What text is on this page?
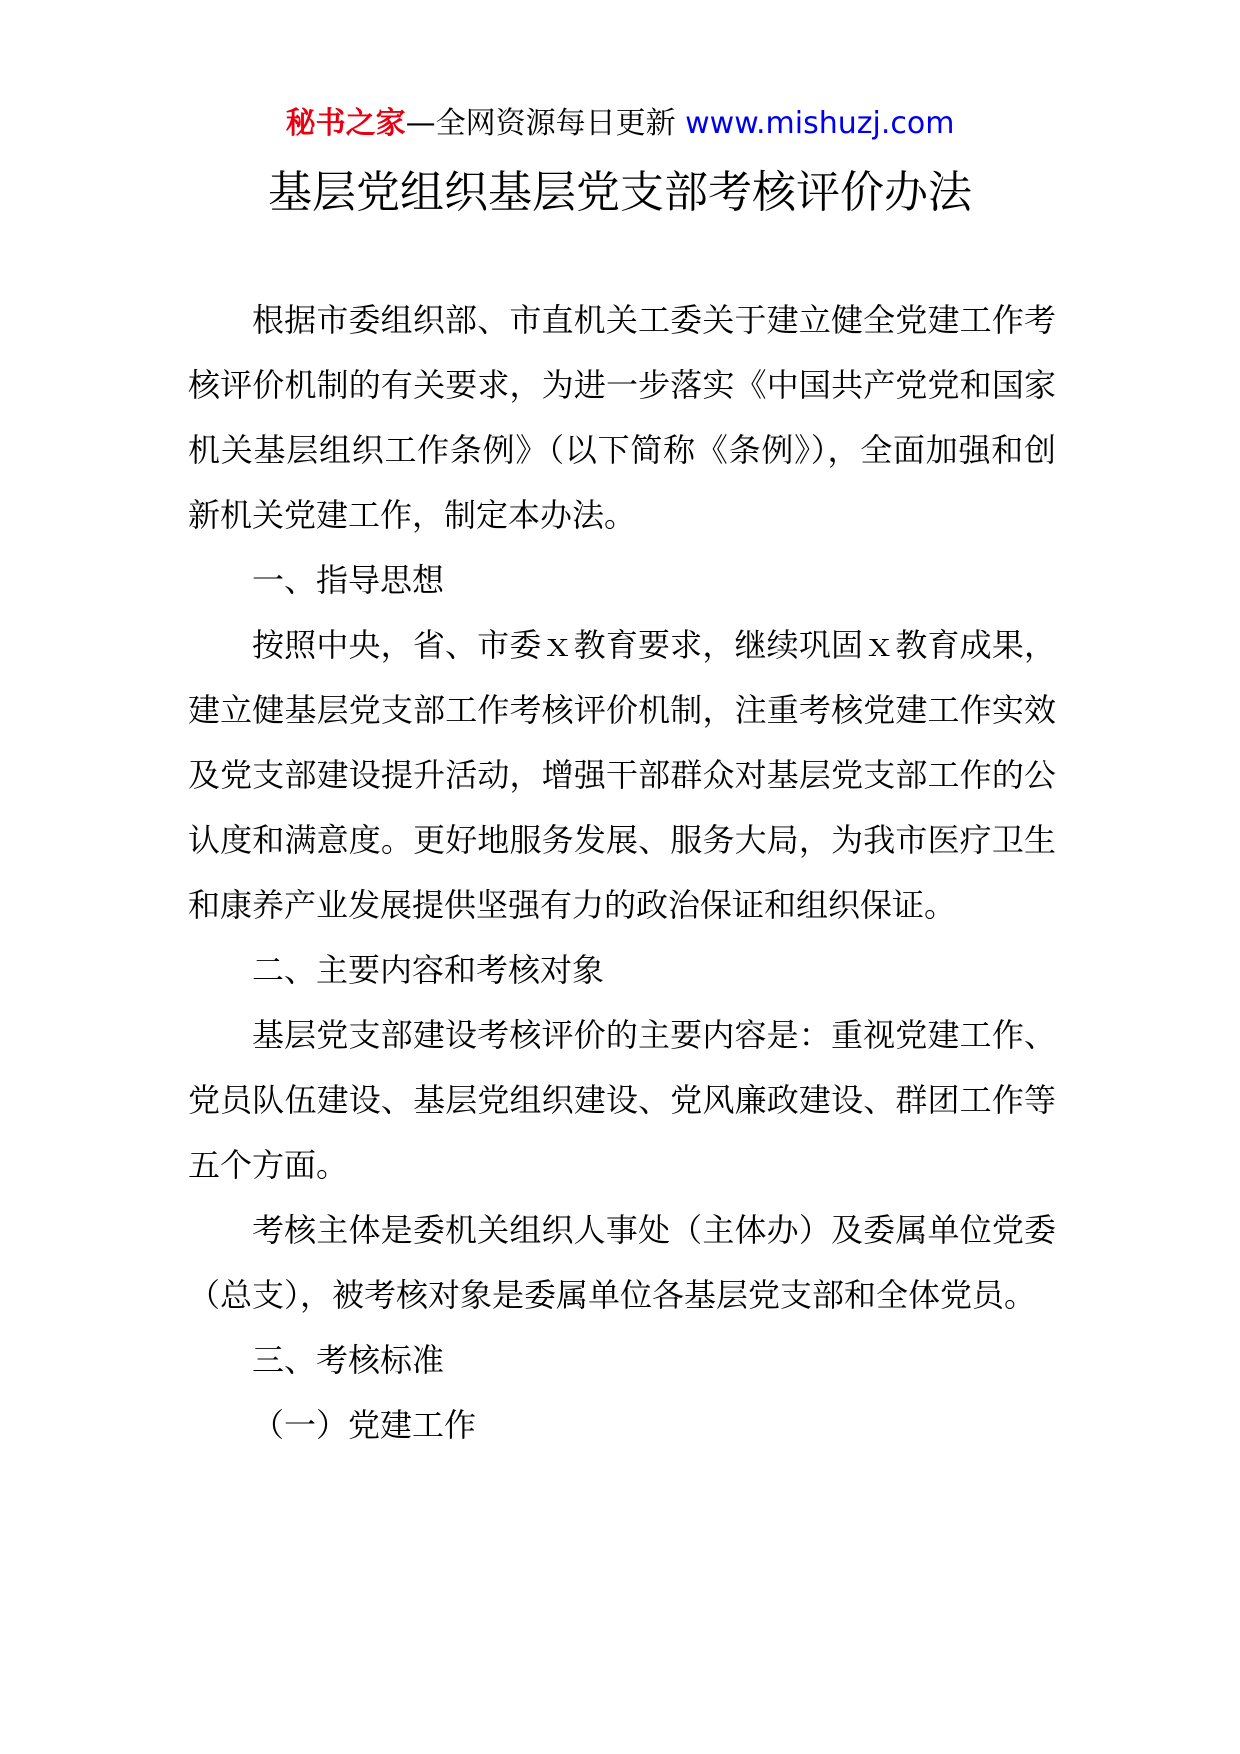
秘书之家—全网资源每日更新 www.mishuzj.com
基层党组织基层党支部考核评价办法

根据市委组织部、市直机关工委关于建立健全党建工作考核评价机制的有关要求，为进一步落实《中国共产党党和国家机关基层组织工作条例》（以下简称《条例》），全面加强和创新机关党建工作，制定本办法。

一、指导思想

按照中央，省、市委ｘ教育要求，继续巩固ｘ教育成果，建立健基层党支部工作考核评价机制，注重考核党建工作实效及党支部建设提升活动，增强干部群众对基层党支部工作的公认度和满意度。更好地服务发展、服务大局，为我市医疗卫生和康养产业发展提供坚强有力的政治保证和组织保证。

二、主要内容和考核对象

基层党支部建设考核评价的主要内容是：重视党建工作、党员队伍建设、基层党组织建设、党风廉政建设、群团工作等五个方面。

考核主体是委机关组织人事处（主体办）及委属单位党委（总支），被考核对象是委属单位各基层党支部和全体党员。

三、考核标准

（一）党建工作
